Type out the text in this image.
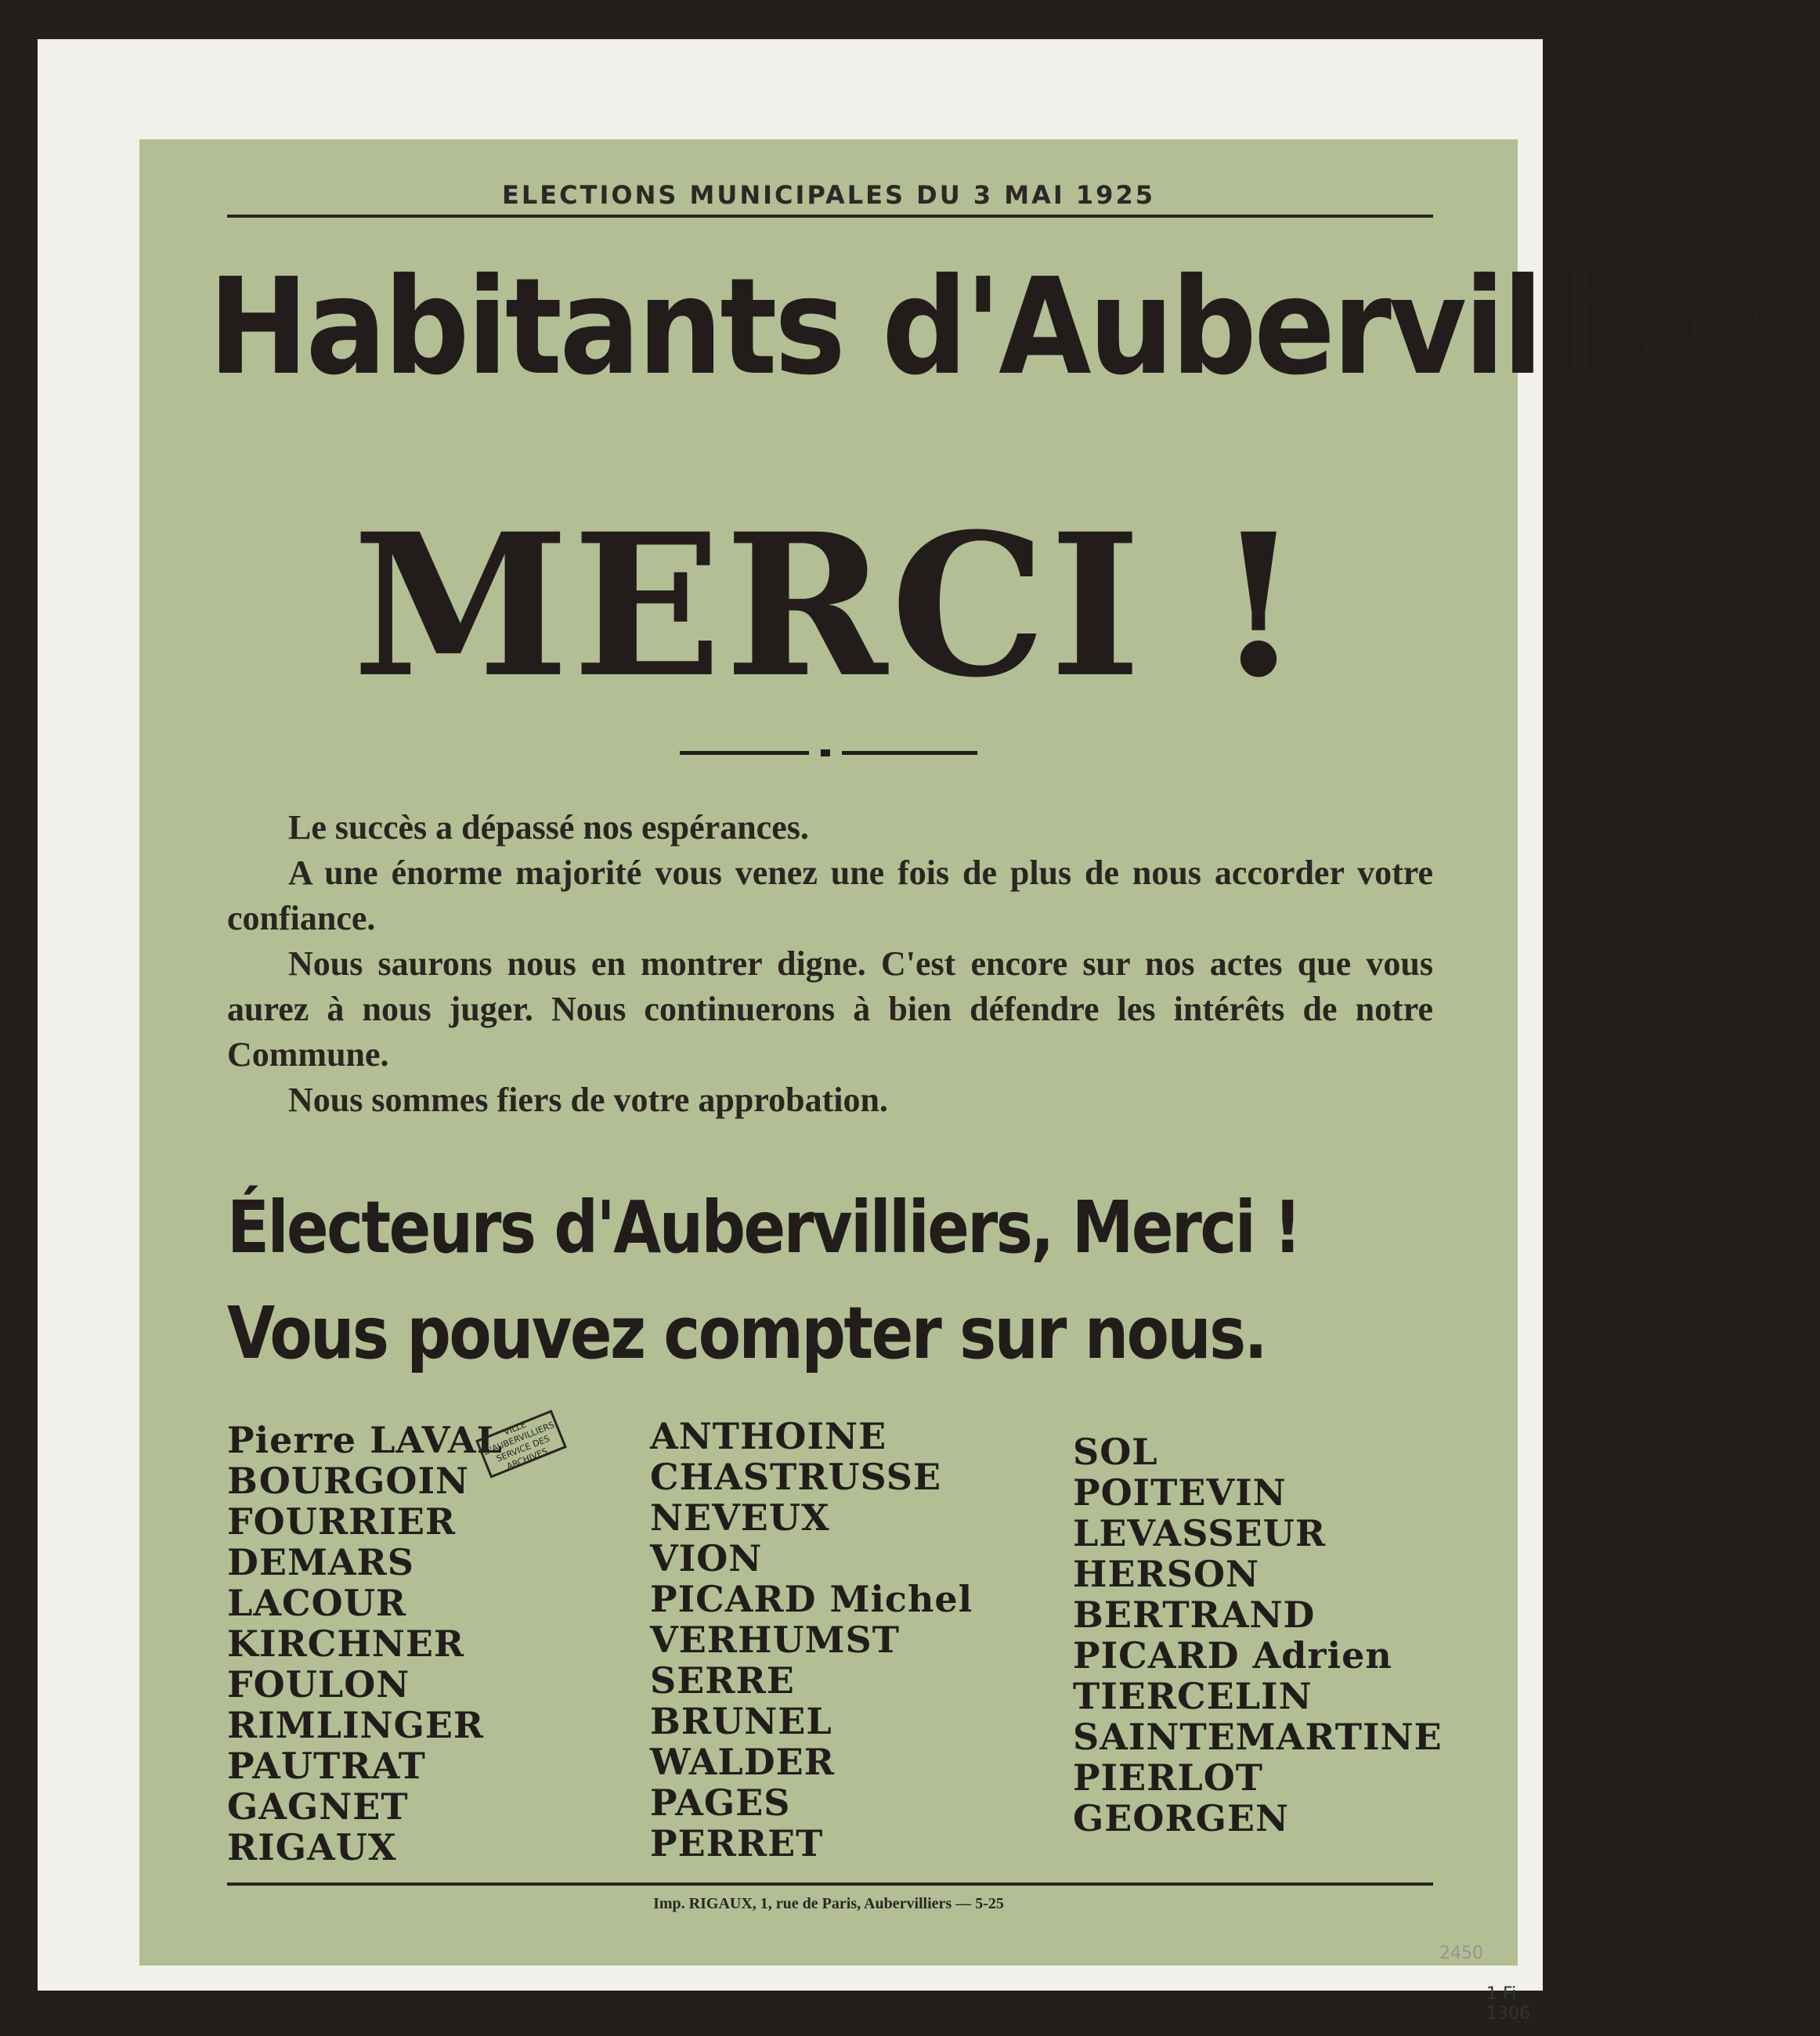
ELECTIONS MUNICIPALES DU 3 MAI 1925
Habitants d'Aubervilliers
MERCI !

Le succès a dépassé nos espérances.

A une énorme majorité vous venez une fois de plus de nous accorder votre confiance.

Nous saurons nous en montrer digne. C'est encore sur nos actes que vous aurez à nous juger. Nous continuerons à bien défendre les intérêts de notre Commune.

Nous sommes fiers de votre approbation.

Électeurs d'Aubervilliers, Merci !
Vous pouvez compter sur nous.
Pierre LAVAL
BOURGOIN
FOURRIER
DEMARS
LACOUR
KIRCHNER
FOULON
RIMLINGER
PAUTRAT
GAGNET
RIGAUX
ANTHOINE
CHASTRUSSE
NEVEUX
VION
PICARD Michel
VERHUMST
SERRE
BRUNEL
WALDER
PAGES
PERRET
SOL
POITEVIN
LEVASSEUR
HERSON
BERTRAND
PICARD Adrien
TIERCELIN
SAINTEMARTINE
PIERLOT
GEORGEN
VILLE D'AUBERVILLIERS SERVICE DES ARCHIVES
Imp. RIGAUX, 1, rue de Paris, Aubervilliers — 5-25
2450
1 Fi 1306
